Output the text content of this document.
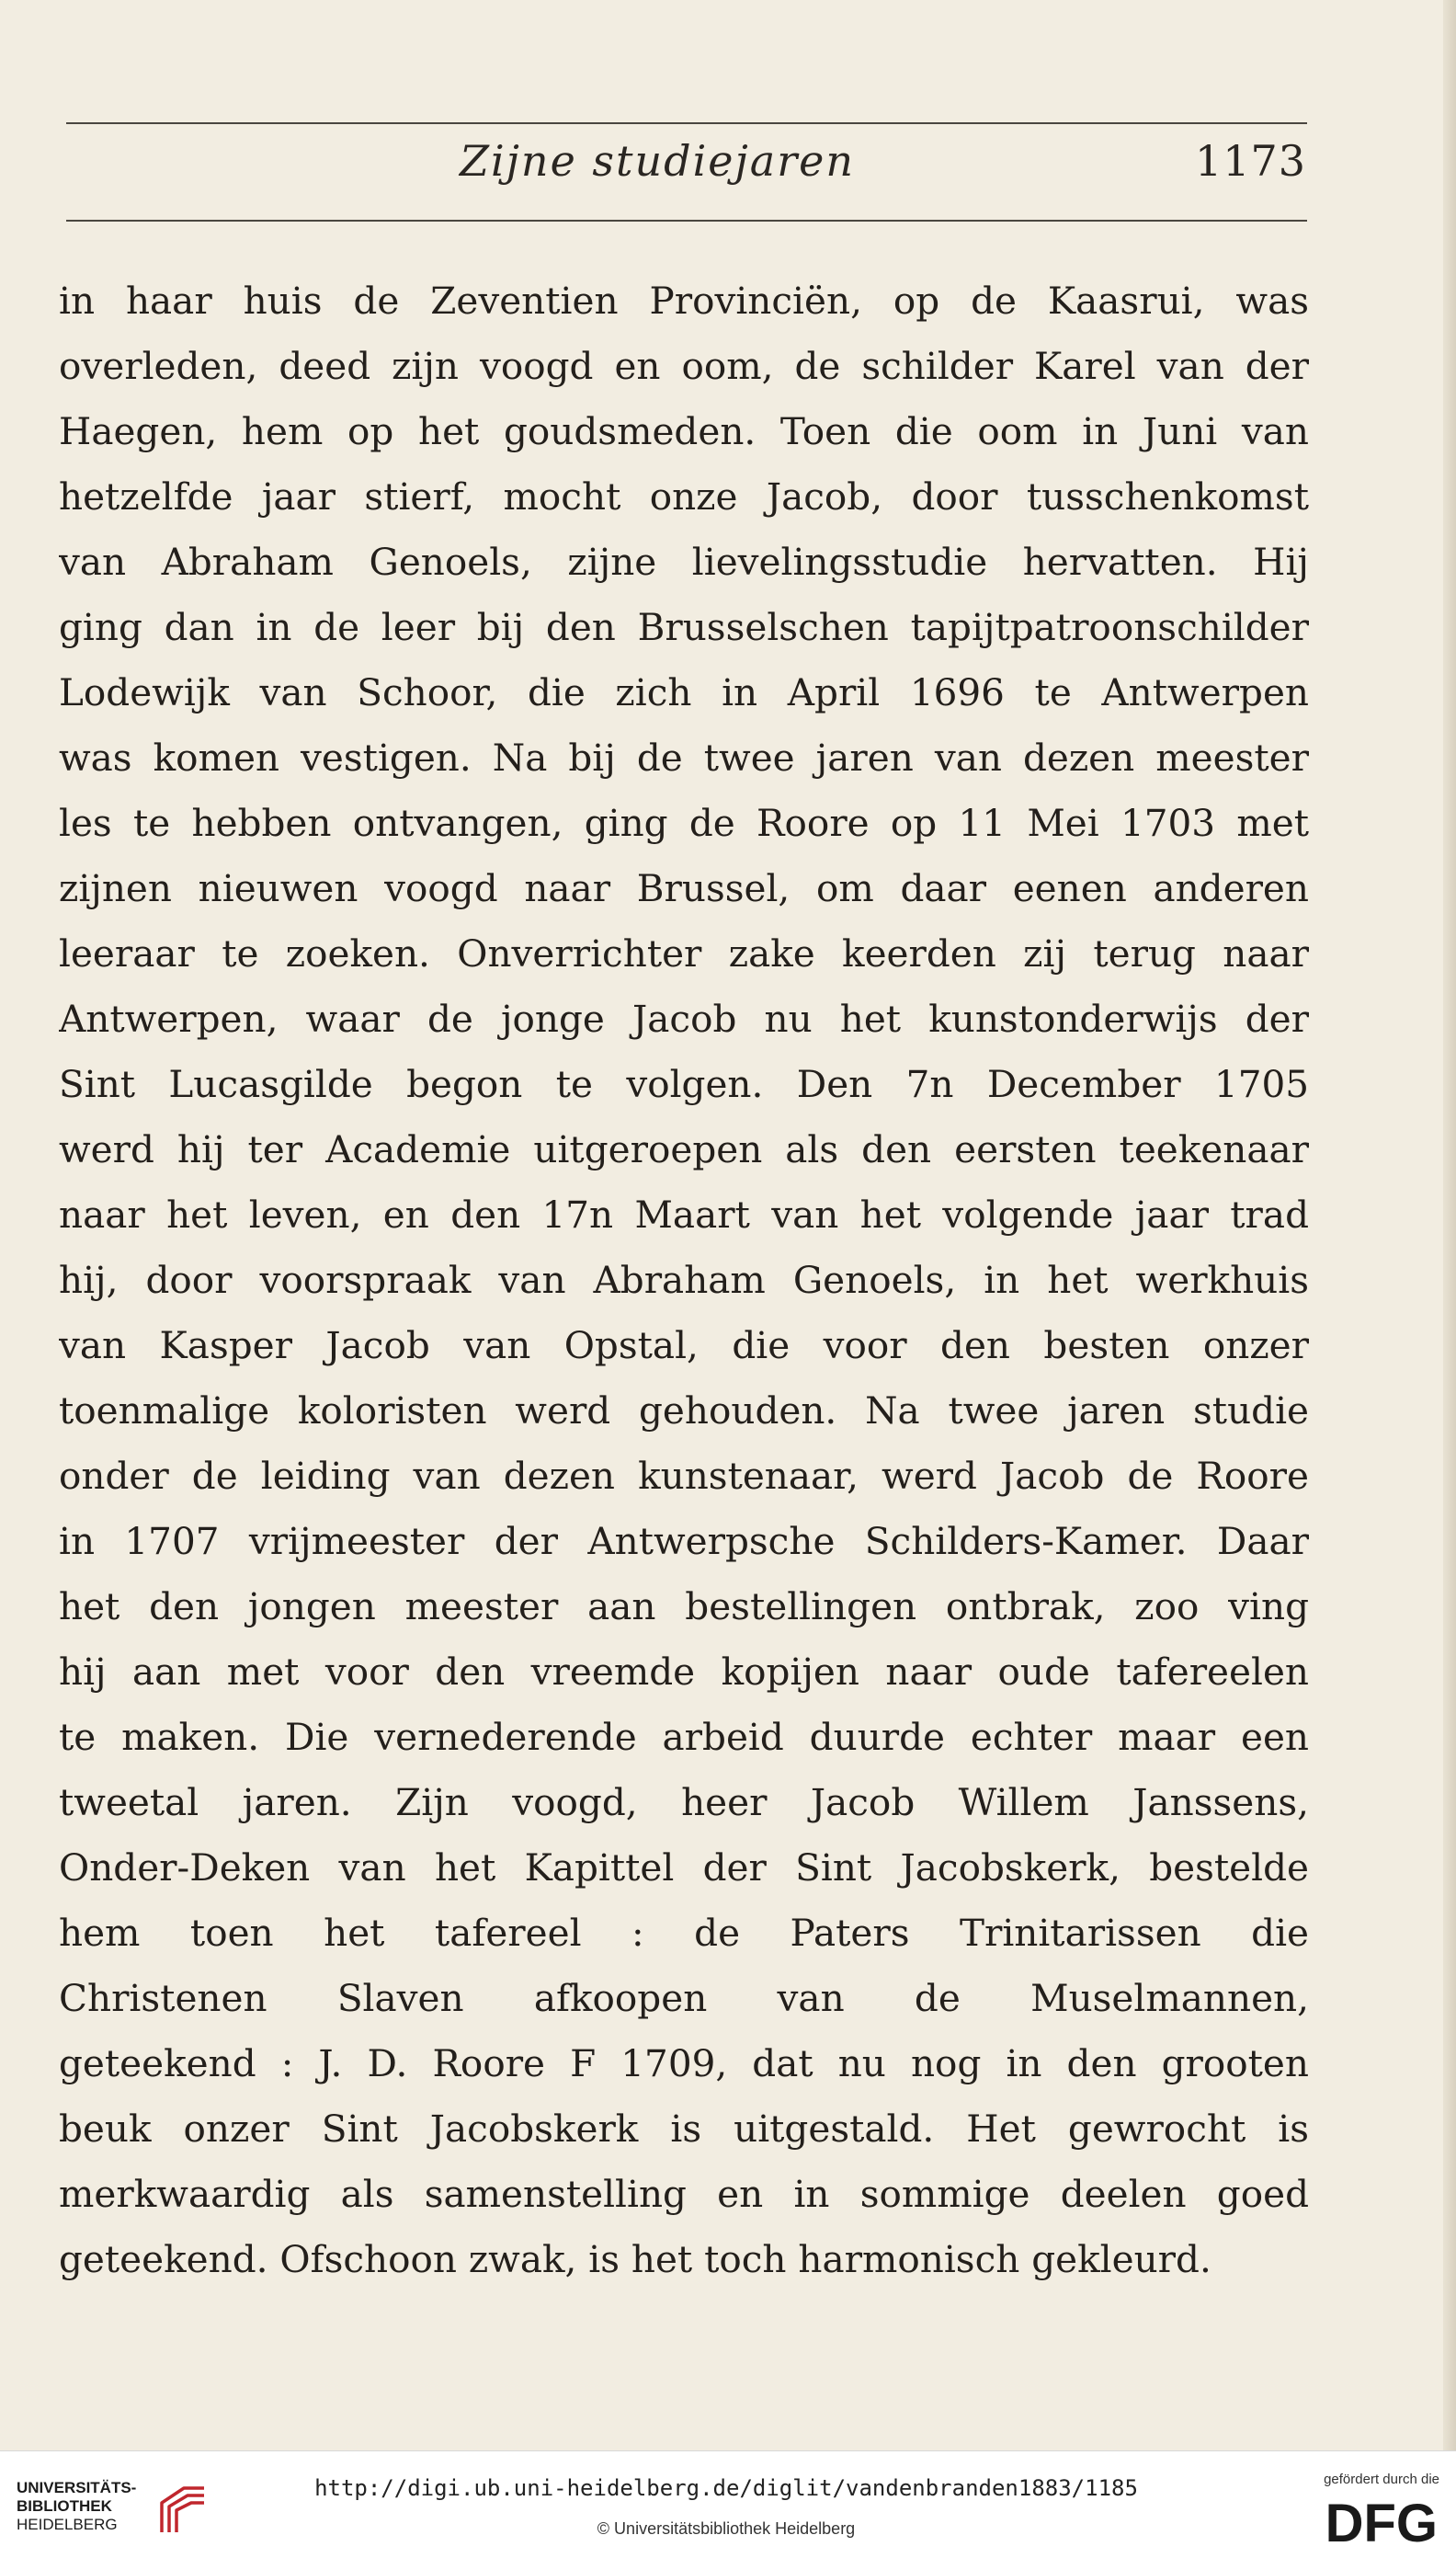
Zijne studiejaren	1173
in haar huis de Zeventien Provinciën, op de Kaasrui, was
overleden, deed zijn voogd en oom, de schilder Karel van der
Haegen, hem op het goudsmeden. Toen die oom in Juni van
hetzelfde jaar stierf, mocht onze Jacob, door tusschenkomst
van Abraham Genoels, zijne lievelingsstudie hervatten. Hij
ging dan in de leer bij den Brusselschen tapijtpatroonschilder
Lodewijk van Schoor, die zich in April 1696 te Antwerpen
was komen vestigen. Na bij de twee jaren van dezen meester
les te hebben ontvangen, ging de Roore op 11 Mei 1703 met
zijnen nieuwen voogd naar Brussel, om daar eenen anderen
leeraar te zoeken. Onverrichter zake keerden zij terug naar
Antwerpen, waar de jonge Jacob nu het kunstonderwijs der
Sint Lucasgilde begon te volgen. Den 7n December 1705
werd hij ter Academie uitgeroepen als den eersten teekenaar
naar het leven, en den 17n Maart van het volgende jaar trad
hij, door voorspraak van Abraham Genoels, in het werkhuis
van Kasper Jacob van Opstal, die voor den besten onzer
toenmalige koloristen werd gehouden. Na twee jaren studie
onder de leiding van dezen kunstenaar, werd Jacob de Roore
in 1707 vrijmeester der Antwerpsche Schilders-Kamer. Daar
het den jongen meester aan bestellingen ontbrak, zoo ving
hij aan met voor den vreemde kopijen naar oude tafereelen
te maken. Die vernederende arbeid duurde echter maar een
tweetal jaren. Zijn voogd, heer Jacob Willem Janssens,
Onder-Deken van het Kapittel der Sint Jacobskerk, bestelde
hem toen het tafereel : de Paters Trinitarissen die
Christenen Slaven afkoopen van de Muselmannen,
geteekend : J. D. Roore F 1709, dat nu nog in den grooten
beuk onzer Sint Jacobskerk is uitgestald. Het gewrocht is
merkwaardig als samenstelling en in sommige deelen goed
geteekend. Ofschoon zwak, is het toch harmonisch gekleurd.
UNIVERSITÄTS-
BIBLIOTHEK
HEIDELBERG
http://digi.ub.uni-heidelberg.de/diglit/vandenbranden1883/1185
© Universitätsbibliothek Heidelberg
gefördert durch die
DFG
